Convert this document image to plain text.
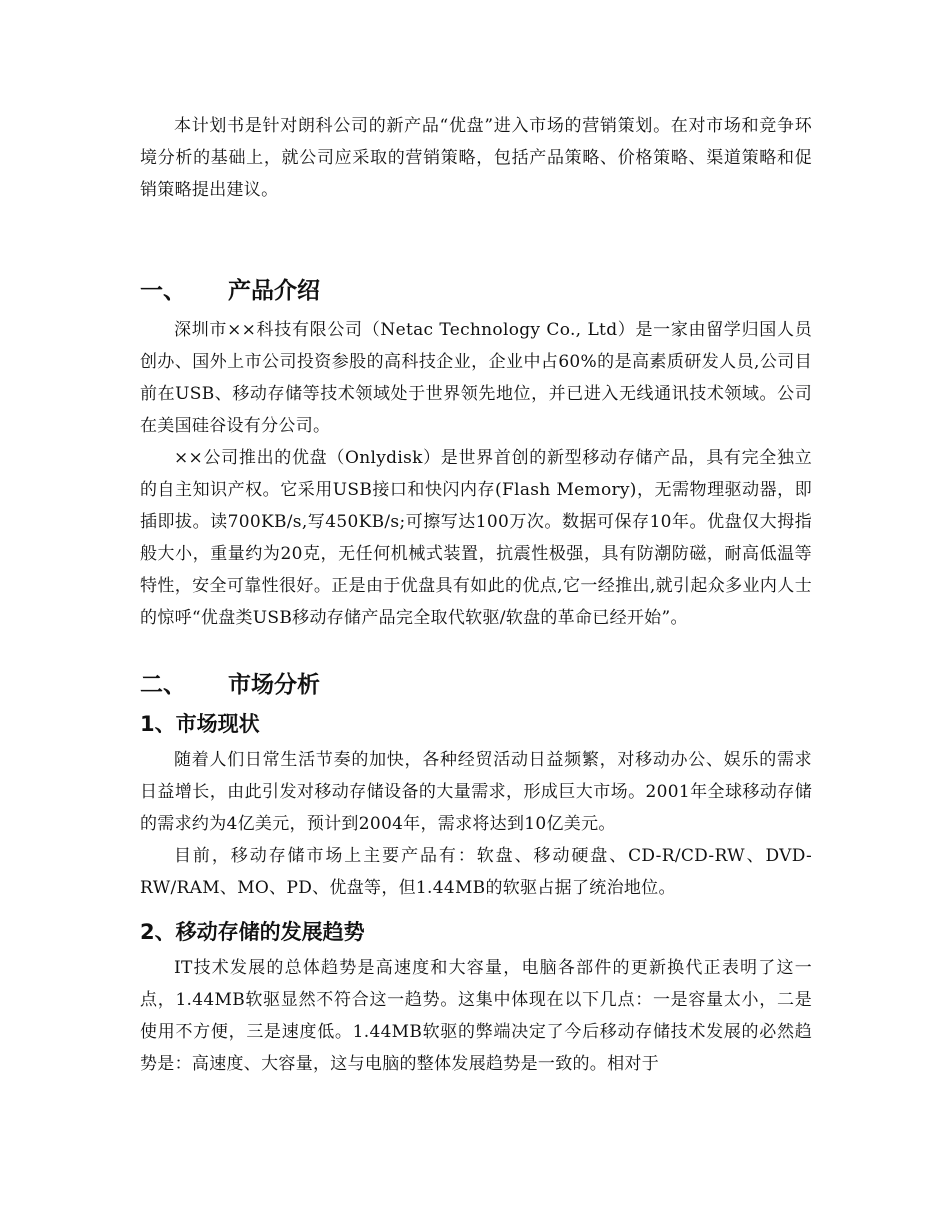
本计划书是针对朗科公司的新产品“优盘”进入市场的营销策划。在对市场和竞争环境分析的基础上，就公司应采取的营销策略，包括产品策略、价格策略、渠道策略和促销策略提出建议。

一、	产品介绍

深圳市××科技有限公司（Netac Technology Co., Ltd）是一家由留学归国人员创办、国外上市公司投资参股的高科技企业，企业中占60%的是高素质研发人员,公司目前在USB、移动存储等技术领域处于世界领先地位，并已进入无线通讯技术领域。公司在美国硅谷设有分公司。

××公司推出的优盘（Onlydisk）是世界首创的新型移动存储产品，具有完全独立的自主知识产权。它采用USB接口和快闪内存(Flash Memory)，无需物理驱动器，即插即拔。读700KB/s,写450KB/s;可擦写达100万次。数据可保存10年。优盘仅大拇指般大小，重量约为20克，无任何机械式装置，抗震性极强，具有防潮防磁，耐高低温等特性，安全可靠性很好。正是由于优盘具有如此的优点,它一经推出,就引起众多业内人士的惊呼“优盘类USB移动存储产品完全取代软驱/软盘的革命已经开始”。

二、	市场分析
1、市场现状

随着人们日常生活节奏的加快，各种经贸活动日益频繁，对移动办公、娱乐的需求日益增长，由此引发对移动存储设备的大量需求，形成巨大市场。2001年全球移动存储的需求约为4亿美元，预计到2004年，需求将达到10亿美元。

目前，移动存储市场上主要产品有：软盘、移动硬盘、CD-R/CD-RW、DVD-RW/RAM、MO、PD、优盘等，但1.44MB的软驱占据了统治地位。

2、移动存储的发展趋势

IT技术发展的总体趋势是高速度和大容量，电脑各部件的更新换代正表明了这一点，1.44MB软驱显然不符合这一趋势。这集中体现在以下几点：一是容量太小，二是使用不方便，三是速度低。1.44MB软驱的弊端决定了今后移动存储技术发展的必然趋势是：高速度、大容量，这与电脑的整体发展趋势是一致的。相对于
